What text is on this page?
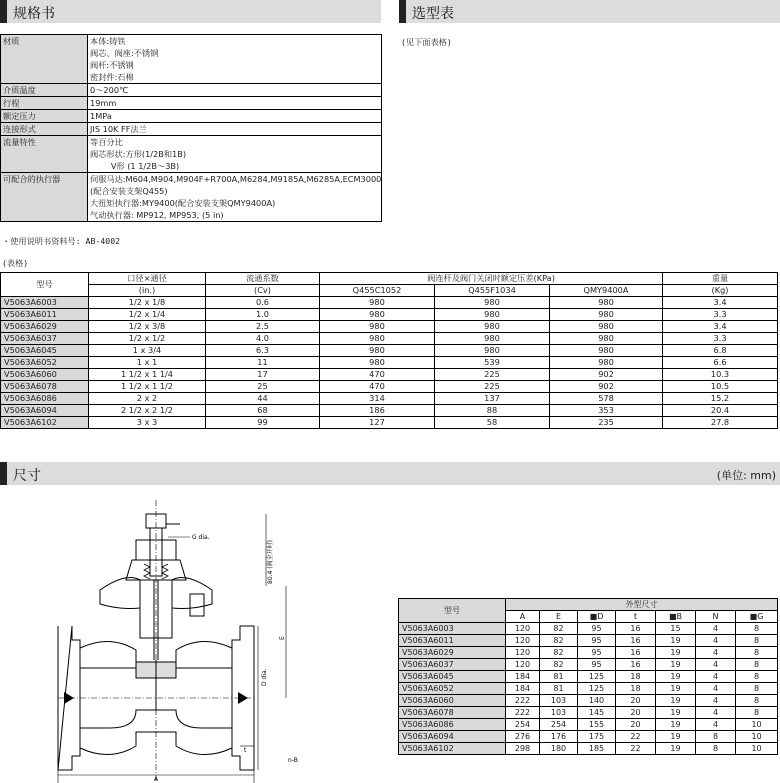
规格书	选型表
(见下面表格)
材质	本体:铸铁
阀芯、阀座:不锈钢
阀杆:不锈钢
密封件:石棉

介质温度	0～200℃

行程	19mm

额定压力	1MPa

连接形式	JIS 10K FF法兰

流量特性	等百分比
阀芯形状:方形(1/2B和1B)
V形 (1 1/2B～3B)

可配合的执行器	伺服马达:M604,M904,M904F+R700A,M6284,M9185A,M6285A,ECM3000
(配合安装支架Q455)
大扭矩执行器:MY9400(配合安装支架QMY9400A)
气动执行器: MP912, MP953, (5 in)
・使用说明书资料号: AB-4002
(表格)
型号	口径×通径	流通系数	阀连杆及阀门关闭时额定压差(KPa)			重量
	(in.)	(Cv)	Q455C1052	Q455F1034	QMY9400A	(Kg)
V5063A6003	1/2 x 1/8	0.6	980	980	980	3.4
V5063A6011	1/2 x 1/4	1.0	980	980	980	3.3
V5063A6029	1/2 x 3/8	2.5	980	980	980	3.4
V5063A6037	1/2 x 1/2	4.0	980	980	980	3.3
V5063A6045	1 x 3/4	6.3	980	980	980	6.8
V5063A6052	1 x 1	11	980	539	980	6.6
V5063A6060	1 1/2 x 1 1/4	17	470	225	902	10.3
V5063A6078	1 1/2 x 1 1/2	25	470	225	902	10.5
V5063A6086	2 x 2	44	314	137	578	15.2
V5063A6094	2 1/2 x 2 1/2	68	186	88	353	20.4
V5063A6102	3 x 3	99	127	58	235	27.8
尺寸	(单位: mm)
G dia.
80.4 (阀全开时)
E
D dia.
A
t
n-B
型号	外型尺寸						
	A	E	■D	t	■B	N	■G
V5063A6003	120	82	95	16	15	4	8
V5063A6011	120	82	95	16	19	4	8
V5063A6029	120	82	95	16	19	4	8
V5063A6037	120	82	95	16	19	4	8
V5063A6045	184	81	125	18	19	4	8
V5063A6052	184	81	125	18	19	4	8
V5063A6060	222	103	140	20	19	4	8
V5063A6078	222	103	145	20	19	4	8
V5063A6086	254	254	155	20	19	4	10
V5063A6094	276	176	175	22	19	8	10
V5063A6102	298	180	185	22	19	8	10
